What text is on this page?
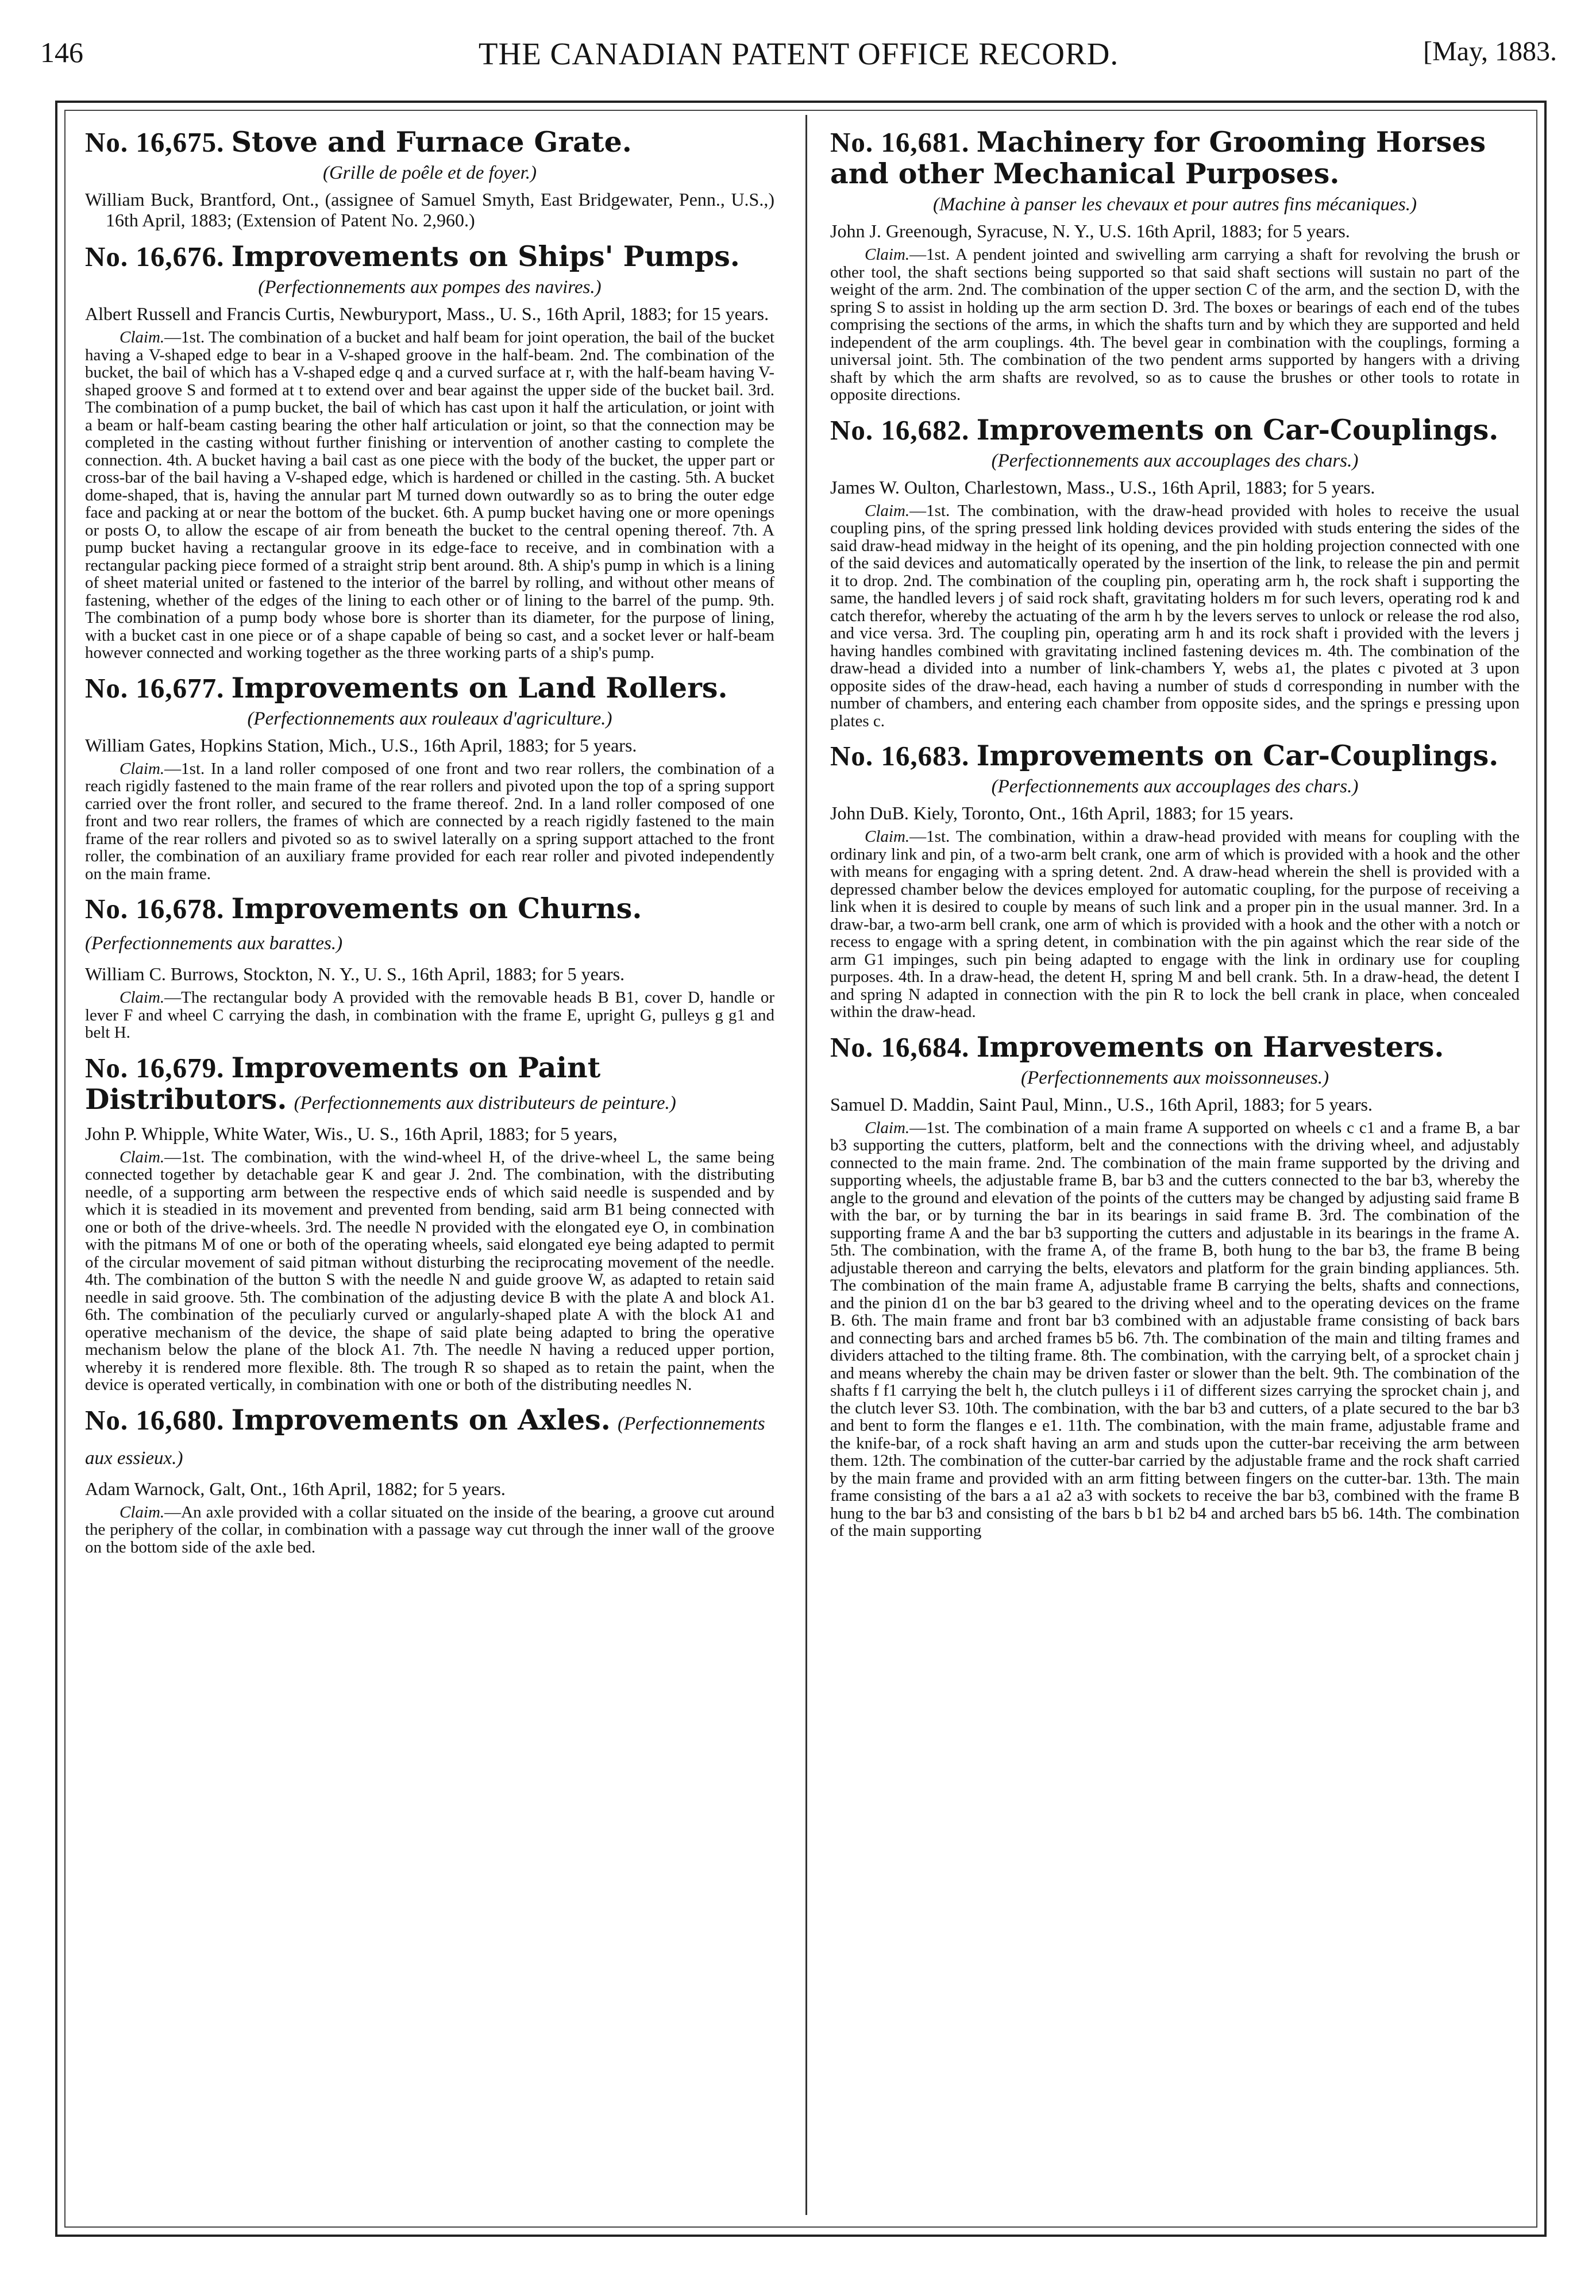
146	THE CANADIAN PATENT OFFICE RECORD.	[May, 1883.
No. 16,675. Stove and Furnace Grate.
(Grille de poêle et de foyer.)
William Buck, Brantford, Ont., (assignee of Samuel Smyth, East Bridgewater, Penn., U.S.,) 16th April, 1883; (Extension of Patent No. 2,960.)
No. 16,676. Improvements on Ships' Pumps.
(Perfectionnements aux pompes des navires.)
Albert Russell and Francis Curtis, Newburyport, Mass., U. S., 16th April, 1883; for 15 years.

Claim.—1st. The combination of a bucket and half beam for joint operation, the bail of the bucket having a V-shaped edge to bear in a V-shaped groove in the half-beam. 2nd. The combination of the bucket, the bail of which has a V-shaped edge q and a curved surface at r, with the half-beam having V-shaped groove S and formed at t to extend over and bear against the upper side of the bucket bail. 3rd. The combination of a pump bucket, the bail of which has cast upon it half the articulation, or joint with a beam or half-beam casting bearing the other half articulation or joint, so that the connection may be completed in the casting without further finishing or intervention of another casting to complete the connection. 4th. A bucket having a bail cast as one piece with the body of the bucket, the upper part or cross-bar of the bail having a V-shaped edge, which is hardened or chilled in the casting. 5th. A bucket dome-shaped, that is, having the annular part M turned down outwardly so as to bring the outer edge face and packing at or near the bottom of the bucket. 6th. A pump bucket having one or more openings or posts O, to allow the escape of air from beneath the bucket to the central opening thereof. 7th. A pump bucket having a rectangular groove in its edge-face to receive, and in combination with a rectangular packing piece formed of a straight strip bent around. 8th. A ship's pump in which is a lining of sheet material united or fastened to the interior of the barrel by rolling, and without other means of fastening, whether of the edges of the lining to each other or of lining to the barrel of the pump. 9th. The combination of a pump body whose bore is shorter than its diameter, for the purpose of lining, with a bucket cast in one piece or of a shape capable of being so cast, and a socket lever or half-beam however connected and working together as the three working parts of a ship's pump.

No. 16,677. Improvements on Land Rollers.
(Perfectionnements aux rouleaux d'agriculture.)
William Gates, Hopkins Station, Mich., U.S., 16th April, 1883; for 5 years.

Claim.—1st. In a land roller composed of one front and two rear rollers, the combination of a reach rigidly fastened to the main frame of the rear rollers and pivoted upon the top of a spring support carried over the front roller, and secured to the frame thereof. 2nd. In a land roller composed of one front and two rear rollers, the frames of which are connected by a reach rigidly fastened to the main frame of the rear rollers and pivoted so as to swivel laterally on a spring support attached to the front roller, the combination of an auxiliary frame provided for each rear roller and pivoted independently on the main frame.

No. 16,678. Improvements on Churns. (Perfectionnements aux barattes.)
William C. Burrows, Stockton, N. Y., U. S., 16th April, 1883; for 5 years.

Claim.—The rectangular body A provided with the removable heads B B1, cover D, handle or lever F and wheel C carrying the dash, in combination with the frame E, upright G, pulleys g g1 and belt H.

No. 16,679. Improvements on Paint Distributors. (Perfectionnements aux distributeurs de peinture.)
John P. Whipple, White Water, Wis., U. S., 16th April, 1883; for 5 years,

Claim.—1st. The combination, with the wind-wheel H, of the drive-wheel L, the same being connected together by detachable gear K and gear J. 2nd. The combination, with the distributing needle, of a supporting arm between the respective ends of which said needle is suspended and by which it is steadied in its movement and prevented from bending, said arm B1 being connected with one or both of the drive-wheels. 3rd. The needle N provided with the elongated eye O, in combination with the pitmans M of one or both of the operating wheels, said elongated eye being adapted to permit of the circular movement of said pitman without disturbing the reciprocating movement of the needle. 4th. The combination of the button S with the needle N and guide groove W, as adapted to retain said needle in said groove. 5th. The combination of the adjusting device B with the plate A and block A1. 6th. The combination of the peculiarly curved or angularly-shaped plate A with the block A1 and operative mechanism of the device, the shape of said plate being adapted to bring the operative mechanism below the plane of the block A1. 7th. The needle N having a reduced upper portion, whereby it is rendered more flexible. 8th. The trough R so shaped as to retain the paint, when the device is operated vertically, in combination with one or both of the distributing needles N.

No. 16,680. Improvements on Axles. (Perfectionnements aux essieux.)
Adam Warnock, Galt, Ont., 16th April, 1882; for 5 years.

Claim.—An axle provided with a collar situated on the inside of the bearing, a groove cut around the periphery of the collar, in combination with a passage way cut through the inner wall of the groove on the bottom side of the axle bed.

No. 16,681. Machinery for Grooming Horses and other Mechanical Purposes.
(Machine à panser les chevaux et pour autres fins mécaniques.)
John J. Greenough, Syracuse, N. Y., U.S. 16th April, 1883; for 5 years.

Claim.—1st. A pendent jointed and swivelling arm carrying a shaft for revolving the brush or other tool, the shaft sections being supported so that said shaft sections will sustain no part of the weight of the arm. 2nd. The combination of the upper section C of the arm, and the section D, with the spring S to assist in holding up the arm section D. 3rd. The boxes or bearings of each end of the tubes comprising the sections of the arms, in which the shafts turn and by which they are supported and held independent of the arm couplings. 4th. The bevel gear in combination with the couplings, forming a universal joint. 5th. The combination of the two pendent arms supported by hangers with a driving shaft by which the arm shafts are revolved, so as to cause the brushes or other tools to rotate in opposite directions.

No. 16,682. Improvements on Car-Couplings.
(Perfectionnements aux accouplages des chars.)
James W. Oulton, Charlestown, Mass., U.S., 16th April, 1883; for 5 years.

Claim.—1st. The combination, with the draw-head provided with holes to receive the usual coupling pins, of the spring pressed link holding devices provided with studs entering the sides of the said draw-head midway in the height of its opening, and the pin holding projection connected with one of the said devices and automatically operated by the insertion of the link, to release the pin and permit it to drop. 2nd. The combination of the coupling pin, operating arm h, the rock shaft i supporting the same, the handled levers j of said rock shaft, gravitating holders m for such levers, operating rod k and catch therefor, whereby the actuating of the arm h by the levers serves to unlock or release the rod also, and vice versa. 3rd. The coupling pin, operating arm h and its rock shaft i provided with the levers j having handles combined with gravitating inclined fastening devices m. 4th. The combination of the draw-head a divided into a number of link-chambers Y, webs a1, the plates c pivoted at 3 upon opposite sides of the draw-head, each having a number of studs d corresponding in number with the number of chambers, and entering each chamber from opposite sides, and the springs e pressing upon plates c.

No. 16,683. Improvements on Car-Couplings.
(Perfectionnements aux accouplages des chars.)
John DuB. Kiely, Toronto, Ont., 16th April, 1883; for 15 years.

Claim.—1st. The combination, within a draw-head provided with means for coupling with the ordinary link and pin, of a two-arm belt crank, one arm of which is provided with a hook and the other with means for engaging with a spring detent. 2nd. A draw-head wherein the shell is provided with a depressed chamber below the devices employed for automatic coupling, for the purpose of receiving a link when it is desired to couple by means of such link and a proper pin in the usual manner. 3rd. In a draw-bar, a two-arm bell crank, one arm of which is provided with a hook and the other with a notch or recess to engage with a spring detent, in combination with the pin against which the rear side of the arm G1 impinges, such pin being adapted to engage with the link in ordinary use for coupling purposes. 4th. In a draw-head, the detent H, spring M and bell crank. 5th. In a draw-head, the detent I and spring N adapted in connection with the pin R to lock the bell crank in place, when concealed within the draw-head.

No. 16,684. Improvements on Harvesters.
(Perfectionnements aux moissonneuses.)
Samuel D. Maddin, Saint Paul, Minn., U.S., 16th April, 1883; for 5 years.

Claim.—1st. The combination of a main frame A supported on wheels c c1 and a frame B, a bar b3 supporting the cutters, platform, belt and the connections with the driving wheel, and adjustably connected to the main frame. 2nd. The combination of the main frame supported by the driving and supporting wheels, the adjustable frame B, bar b3 and the cutters connected to the bar b3, whereby the angle to the ground and elevation of the points of the cutters may be changed by adjusting said frame B with the bar, or by turning the bar in its bearings in said frame B. 3rd. The combination of the supporting frame A and the bar b3 supporting the cutters and adjustable in its bearings in the frame A. 5th. The combination, with the frame A, of the frame B, both hung to the bar b3, the frame B being adjustable thereon and carrying the belts, elevators and platform for the grain binding appliances. 5th. The combination of the main frame A, adjustable frame B carrying the belts, shafts and connections, and the pinion d1 on the bar b3 geared to the driving wheel and to the operating devices on the frame B. 6th. The main frame and front bar b3 combined with an adjustable frame consisting of back bars and connecting bars and arched frames b5 b6. 7th. The combination of the main and tilting frames and dividers attached to the tilting frame. 8th. The combination, with the carrying belt, of a sprocket chain j and means whereby the chain may be driven faster or slower than the belt. 9th. The combination of the shafts f f1 carrying the belt h, the clutch pulleys i i1 of different sizes carrying the sprocket chain j, and the clutch lever S3. 10th. The combination, with the bar b3 and cutters, of a plate secured to the bar b3 and bent to form the flanges e e1. 11th. The combination, with the main frame, adjustable frame and the knife-bar, of a rock shaft having an arm and studs upon the cutter-bar receiving the arm between them. 12th. The combination of the cutter-bar carried by the adjustable frame and the rock shaft carried by the main frame and provided with an arm fitting between fingers on the cutter-bar. 13th. The main frame consisting of the bars a a1 a2 a3 with sockets to receive the bar b3, combined with the frame B hung to the bar b3 and consisting of the bars b b1 b2 b4 and arched bars b5 b6. 14th. The combination of the main supporting
